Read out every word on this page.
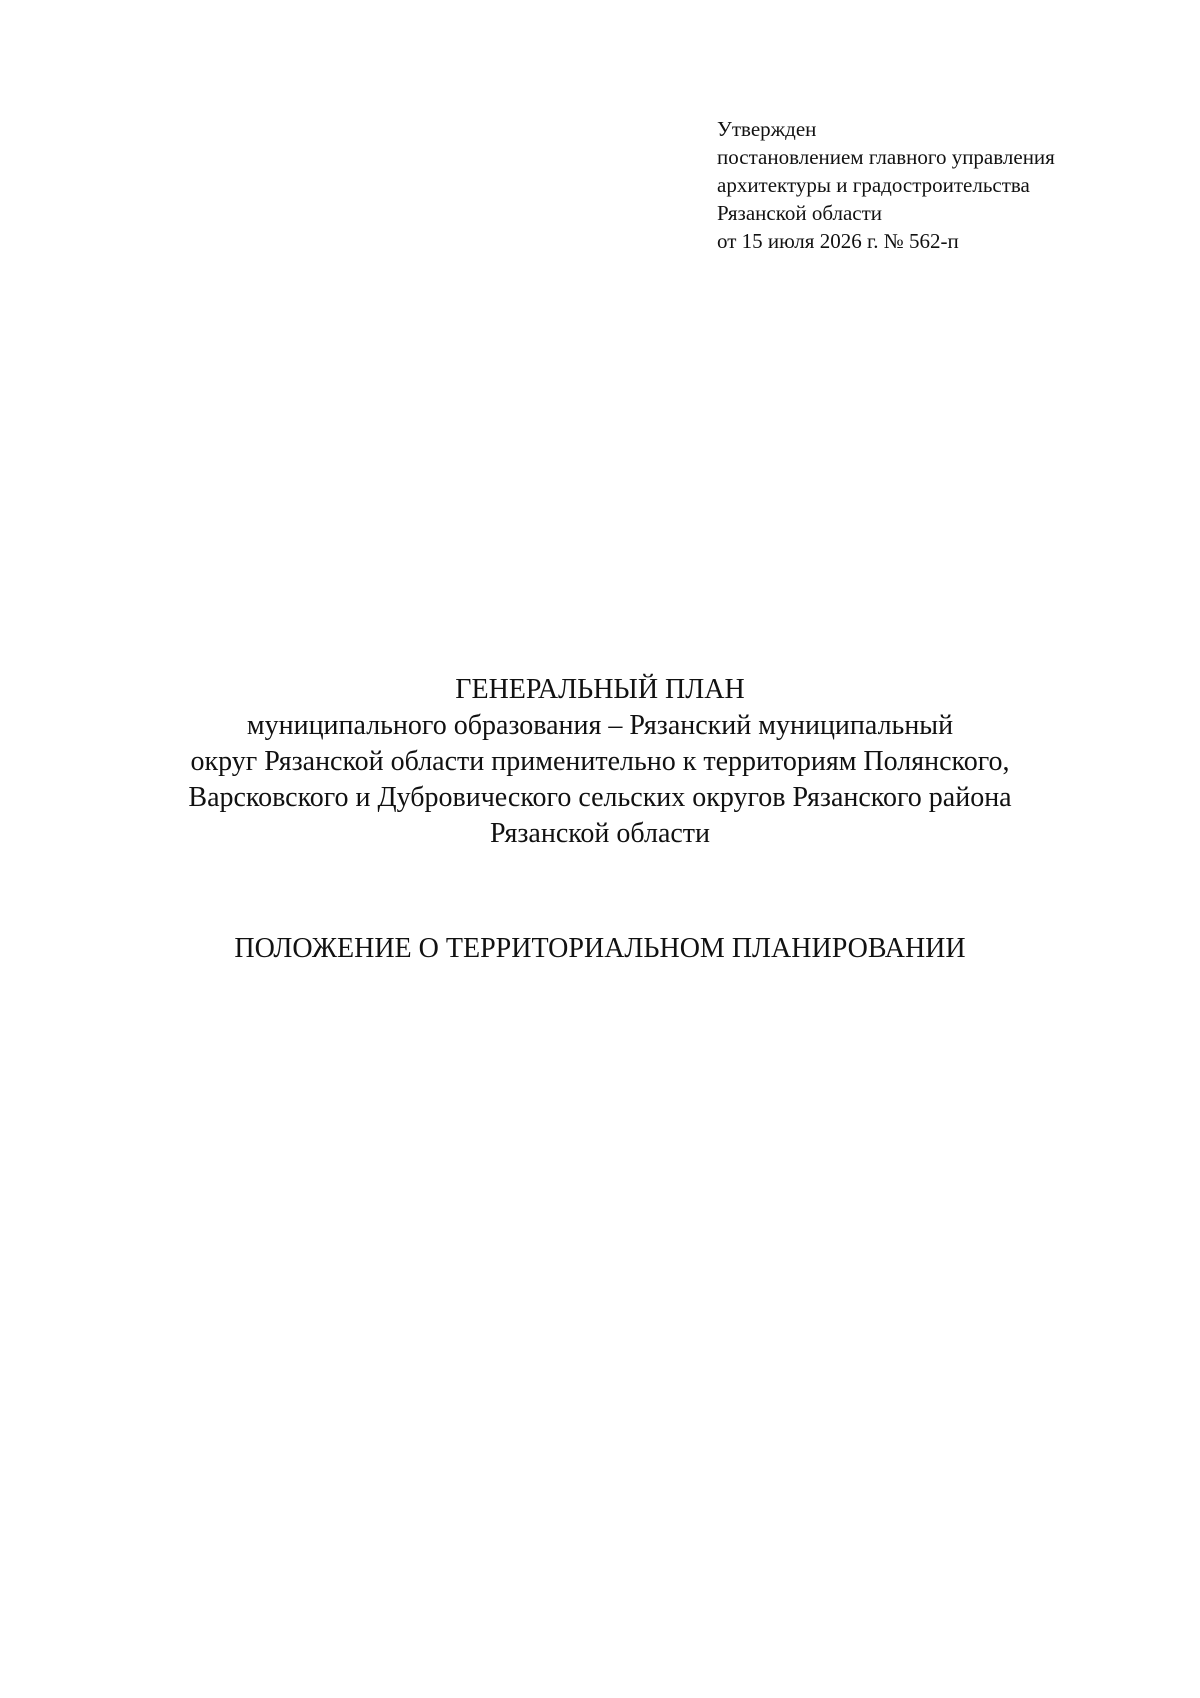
Утвержден
постановлением главного управления
архитектуры и градостроительства
Рязанской области
от 15 июля 2026 г. № 562-п
ГЕНЕРАЛЬНЫЙ ПЛАН
муниципального образования – Рязанский муниципальный
округ Рязанской области применительно к территориям Полянского,
Варсковского и Дубровического сельских округов Рязанского района
Рязанской области
ПОЛОЖЕНИЕ О ТЕРРИТОРИАЛЬНОМ ПЛАНИРОВАНИИ
